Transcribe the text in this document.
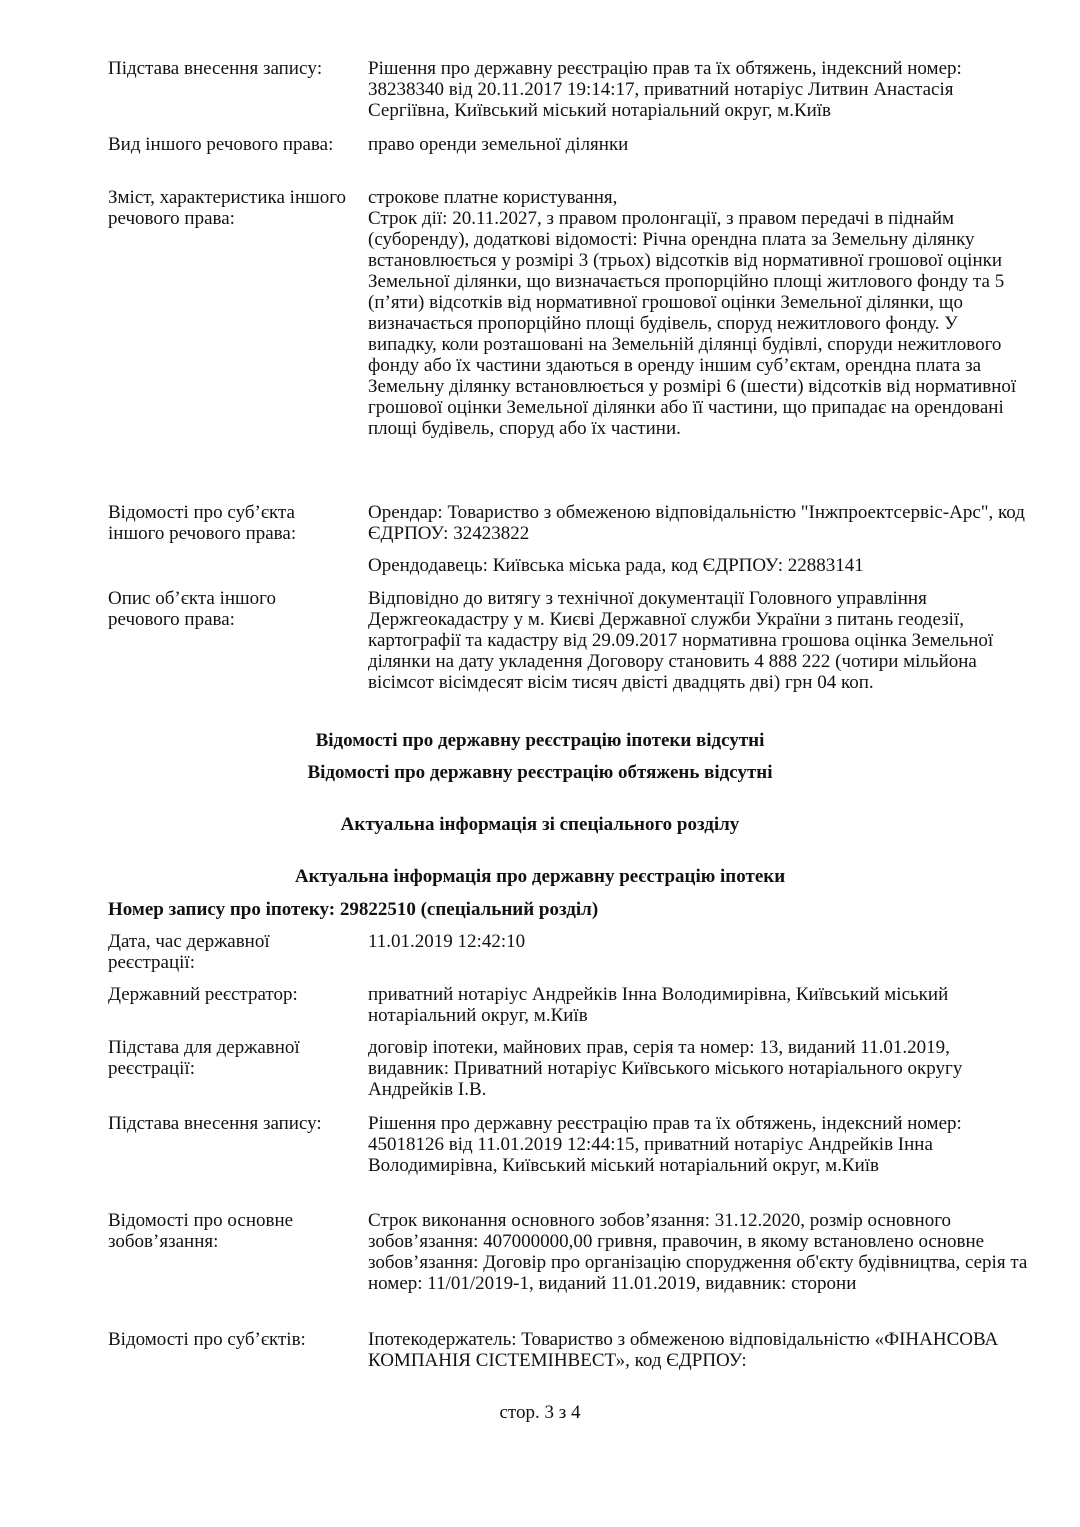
Підстава внесення записy:	Рішення про державну реєстрацію прав та їх обтяжень, індексний номер: 38238340 від 20.11.2017 19:14:17, приватний нотаріус Литвин Анастасія Сергіївна, Київський міський нотаріальний округ, м.Київ
Вид іншого речового права:	право оренди земельної ділянки
Зміст, характеристика іншого речового права:
строкове платне користування,
Строк дії: 20.11.2027, з правом пролонгації, з правом передачі в піднайм (суборенду), додаткові відомості: Річна орендна плата за Земельну ділянку встановлюється у розмірі 3 (трьох) відсотків від нормативної грошової оцінки Земельної ділянки, що визначається пропорційно площі житлового фонду та 5 (п’яти) відсотків від нормативної грошової оцінки Земельної ділянки, що визначається пропорційно площі будівель, споруд нежитлового фонду. У випадку, коли розташовані на Земельній ділянці будівлі, споруди нежитлового фонду або їх частини здаються в оренду іншим суб’єктам, орендна плата за Земельну ділянку встановлюється у розмірі 6 (шести) відсотків від нормативної грошової оцінки Земельної ділянки або її частини, що припадає на орендовані площі будівель, споруд або їх частини.
Відомості про суб’єкта іншого речового права:
Орендар: Товариство з обмеженою відповідальністю "Інжпроектсервіс-Арс", код ЄДРПОУ: 32423822
Орендодавець: Київська міська рада, код ЄДРПОУ: 22883141
Опис об’єкта іншого речового права:
Відповідно до витягу з технічної документації Головного управління Держгеокадастру у м. Києві Державної служби України з питань геодезії, картографії та кадастру від 29.09.2017 нормативна грошова оцінка Земельної ділянки на дату укладення Договору становить 4 888 222 (чотири мільйона вісімсот вісімдесят вісім тисяч двісті двадцять дві) грн 04 коп.
Відомості про державну реєстрацію іпотеки відсутні
Відомості про державну реєстрацію обтяжень відсутні
Актуальна інформація зі спеціального розділу
Актуальна інформація про державну реєстрацію іпотеки
Номер запису про іпотеку: 29822510 (спеціальний розділ)
Дата, час державної реєстрації:
11.01.2019 12:42:10
Державний реєстратор:	приватний нотаріус Андрейків Інна Володимирівна, Київський міський нотаріальний округ, м.Київ
Підстава для державної реєстрації:
договір іпотеки, майнових прав, серія та номер: 13, виданий 11.01.2019, видавник: Приватний нотаріус Київського міського нотаріального округу Андрейків І.В.
Підстава внесення запису:	Рішення про державну реєстрацію прав та їх обтяжень, індексний номер: 45018126 від 11.01.2019 12:44:15, приватний нотаріус Андрейків Інна Володимирівна, Київський міський нотаріальний округ, м.Київ
Відомості про основне зобов’язання:
Строк виконання основного зобов’язання: 31.12.2020, розмір основного зобов’язання: 407000000,00 гривня, правочин, в якому встановлено основне зобов’язання: Договір про організацію спорудження об'єкту будівництва, серія та номер: 11/01/2019-1, виданий 11.01.2019, видавник: сторони
Відомості про суб’єктів:	Іпотекодержатель: Товариство з обмеженою відповідальністю «ФІНАНСОВА КОМПАНІЯ СІСТЕМІНВЕСТ», код ЄДРПОУ:
стор. 3 з 4
